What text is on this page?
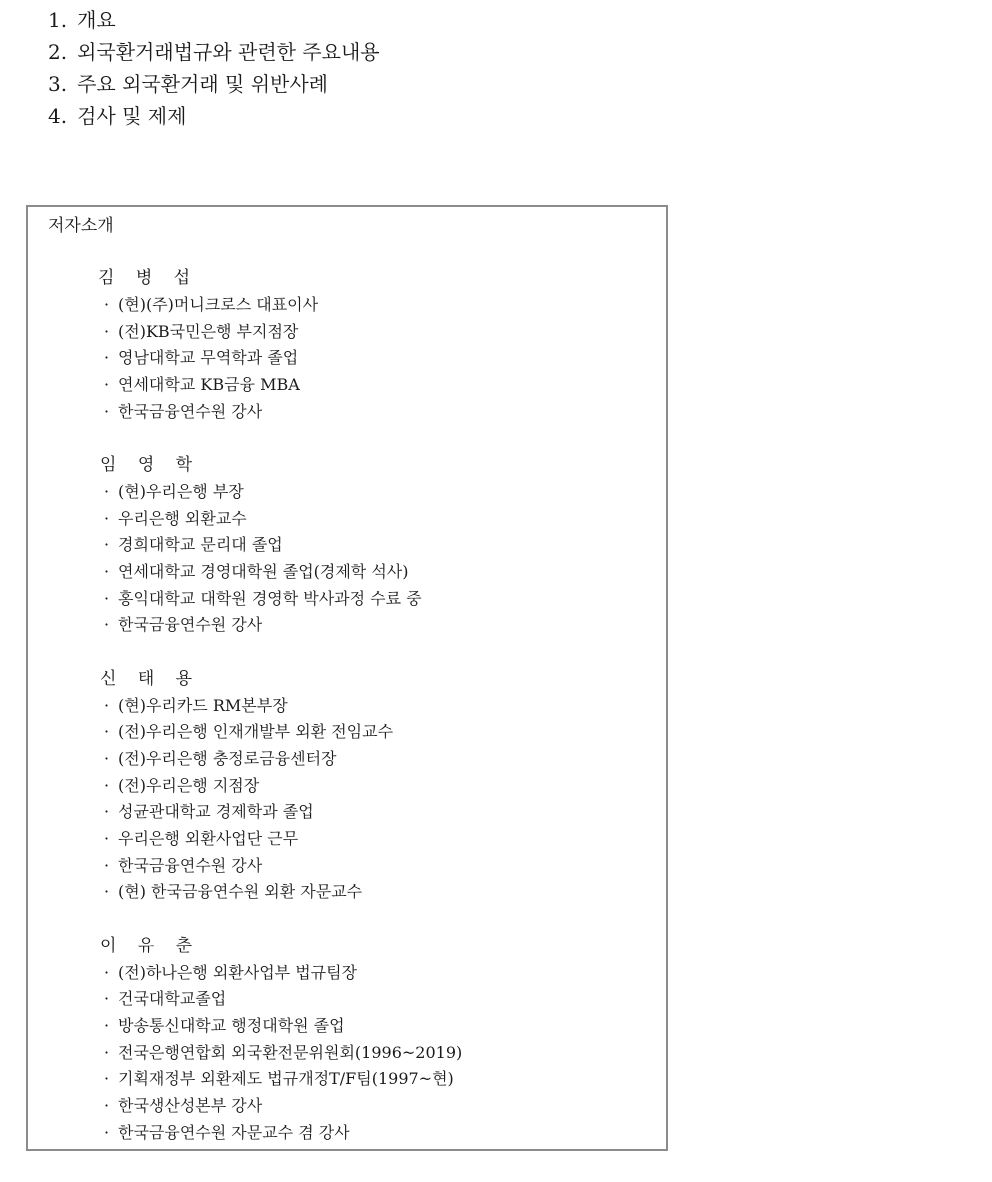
1. 개요
2. 외국환거래법규와 관련한 주요내용
3. 주요 외국환거래 및 위반사례
4. 검사 및 제제
저자소개
김 병 섭
· (현)(주)머니크로스 대표이사
· (전)KB국민은행 부지점장
· 영남대학교 무역학과 졸업
· 연세대학교 KB금융 MBA
· 한국금융연수원 강사
임 영 학
· (현)우리은행 부장
· 우리은행 외환교수
· 경희대학교 문리대 졸업
· 연세대학교 경영대학원 졸업(경제학 석사)
· 홍익대학교 대학원 경영학 박사과정 수료 중
· 한국금융연수원 강사
신 태 용
· (현)우리카드 RM본부장
· (전)우리은행 인재개발부 외환 전임교수
· (전)우리은행 충정로금융센터장
· (전)우리은행 지점장
· 성균관대학교 경제학과 졸업
· 우리은행 외환사업단 근무
· 한국금융연수원 강사
· (현) 한국금융연수원 외환 자문교수
이 유 춘
· (전)하나은행 외환사업부 법규팀장
· 건국대학교졸업
· 방송통신대학교 행정대학원 졸업
· 전국은행연합회 외국환전문위원회(1996~2019)
· 기획재정부 외환제도 법규개정T/F팀(1997~현)
· 한국생산성본부 강사
· 한국금융연수원 자문교수 겸 강사
